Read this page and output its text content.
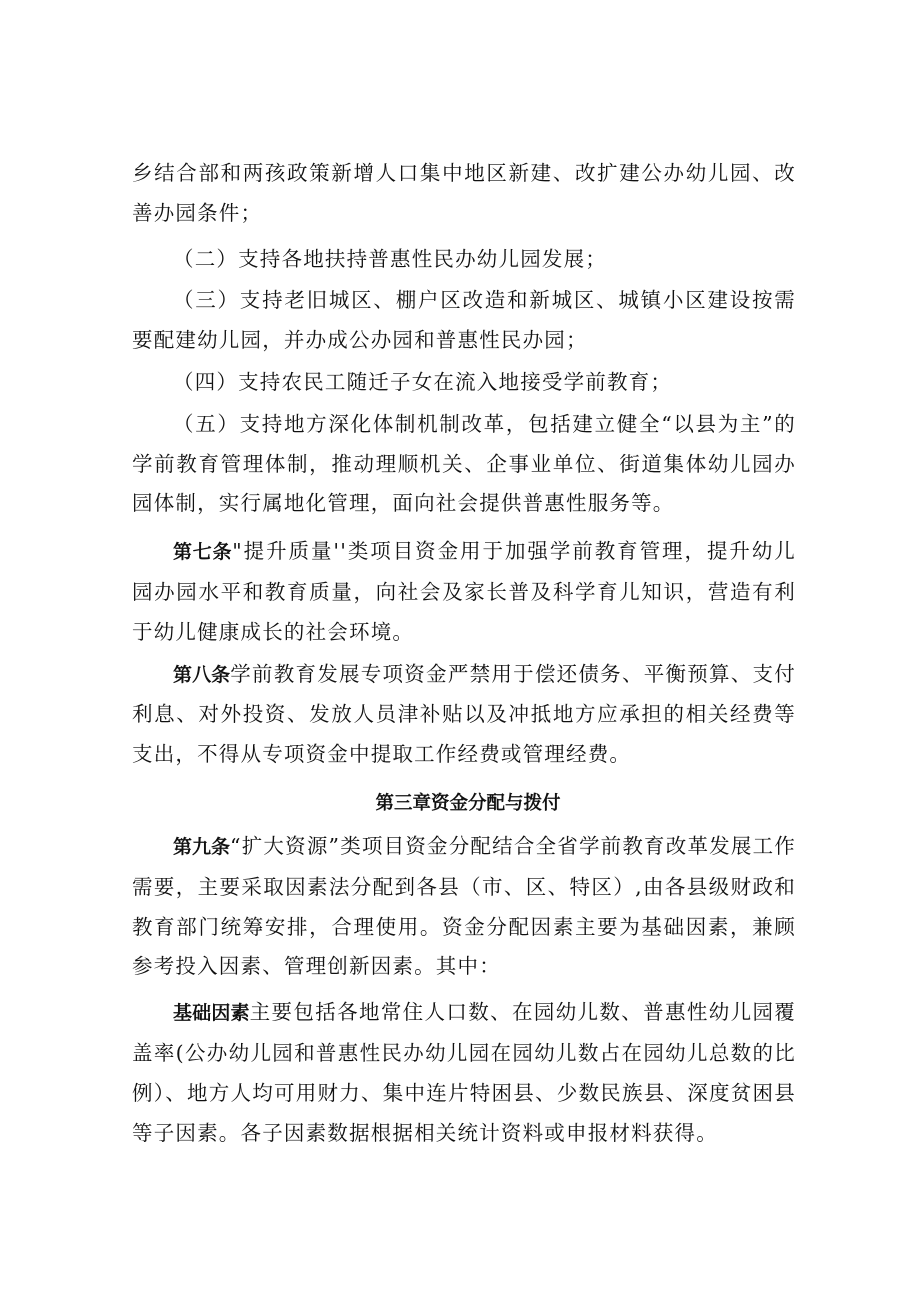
乡结合部和两孩政策新增人口集中地区新建、改扩建公办幼儿园、改善办园条件；

（二）支持各地扶持普惠性民办幼儿园发展；

（三）支持老旧城区、棚户区改造和新城区、城镇小区建设按需要配建幼儿园，并办成公办园和普惠性民办园；

（四）支持农民工随迁子女在流入地接受学前教育；

（五）支持地方深化体制机制改革，包括建立健全“以县为主”的学前教育管理体制，推动理顺机关、企事业单位、街道集体幼儿园办园体制，实行属地化管理，面向社会提供普惠性服务等。

第七条"提升质量''类项目资金用于加强学前教育管理，提升幼儿园办园水平和教育质量，向社会及家长普及科学育儿知识，营造有利于幼儿健康成长的社会环境。

第八条学前教育发展专项资金严禁用于偿还债务、平衡预算、支付利息、对外投资、发放人员津补贴以及冲抵地方应承担的相关经费等支出，不得从专项资金中提取工作经费或管理经费。

第三章资金分配与拨付

第九条“扩大资源”类项目资金分配结合全省学前教育改革发展工作需要，主要采取因素法分配到各县（市、区、特区）,由各县级财政和教育部门统筹安排，合理使用。资金分配因素主要为基础因素，兼顾参考投入因素、管理创新因素。其中：

基础因素主要包括各地常住人口数、在园幼儿数、普惠性幼儿园覆盖率(公办幼儿园和普惠性民办幼儿园在园幼儿数占在园幼儿总数的比例）、地方人均可用财力、集中连片特困县、少数民族县、深度贫困县等子因素。各子因素数据根据相关统计资料或申报材料获得。
